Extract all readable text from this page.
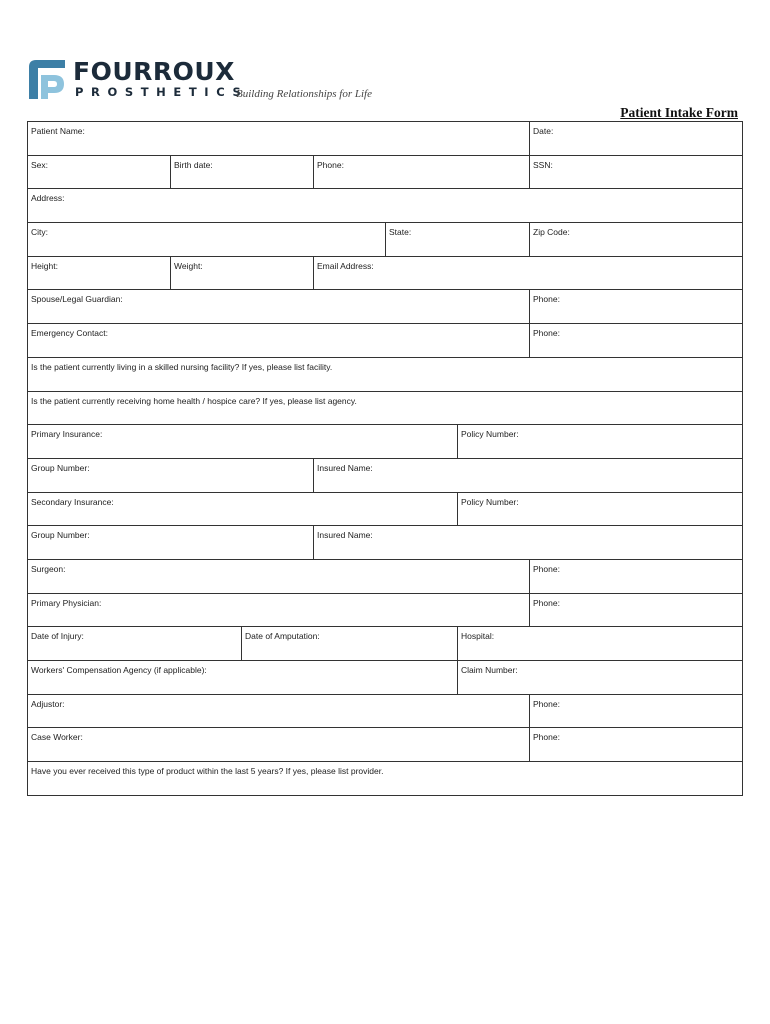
FOURROUX
PROSTHETICS
Building Relationships for Life
Patient Intake Form
Patient Name:	Date:
Sex:	Birth date:	Phone:	SSN:
Address:
City:	State:	Zip Code:
Height:	Weight:	Email Address:
Spouse/Legal Guardian:	Phone:
Emergency Contact:	Phone:
Is the patient currently living in a skilled nursing facility? If yes, please list facility.
Is the patient currently receiving home health / hospice care? If yes, please list agency.
Primary Insurance:	Policy Number:
Group Number:	Insured Name:
Secondary Insurance:	Policy Number:
Group Number:	Insured Name:
Surgeon:	Phone:
Primary Physician:	Phone:
Date of Injury:	Date of Amputation:	Hospital:
Workers' Compensation Agency (if applicable):	Claim Number:
Adjustor:	Phone:
Case Worker:	Phone:
Have you ever received this type of product within the last 5 years? If yes, please list provider.
